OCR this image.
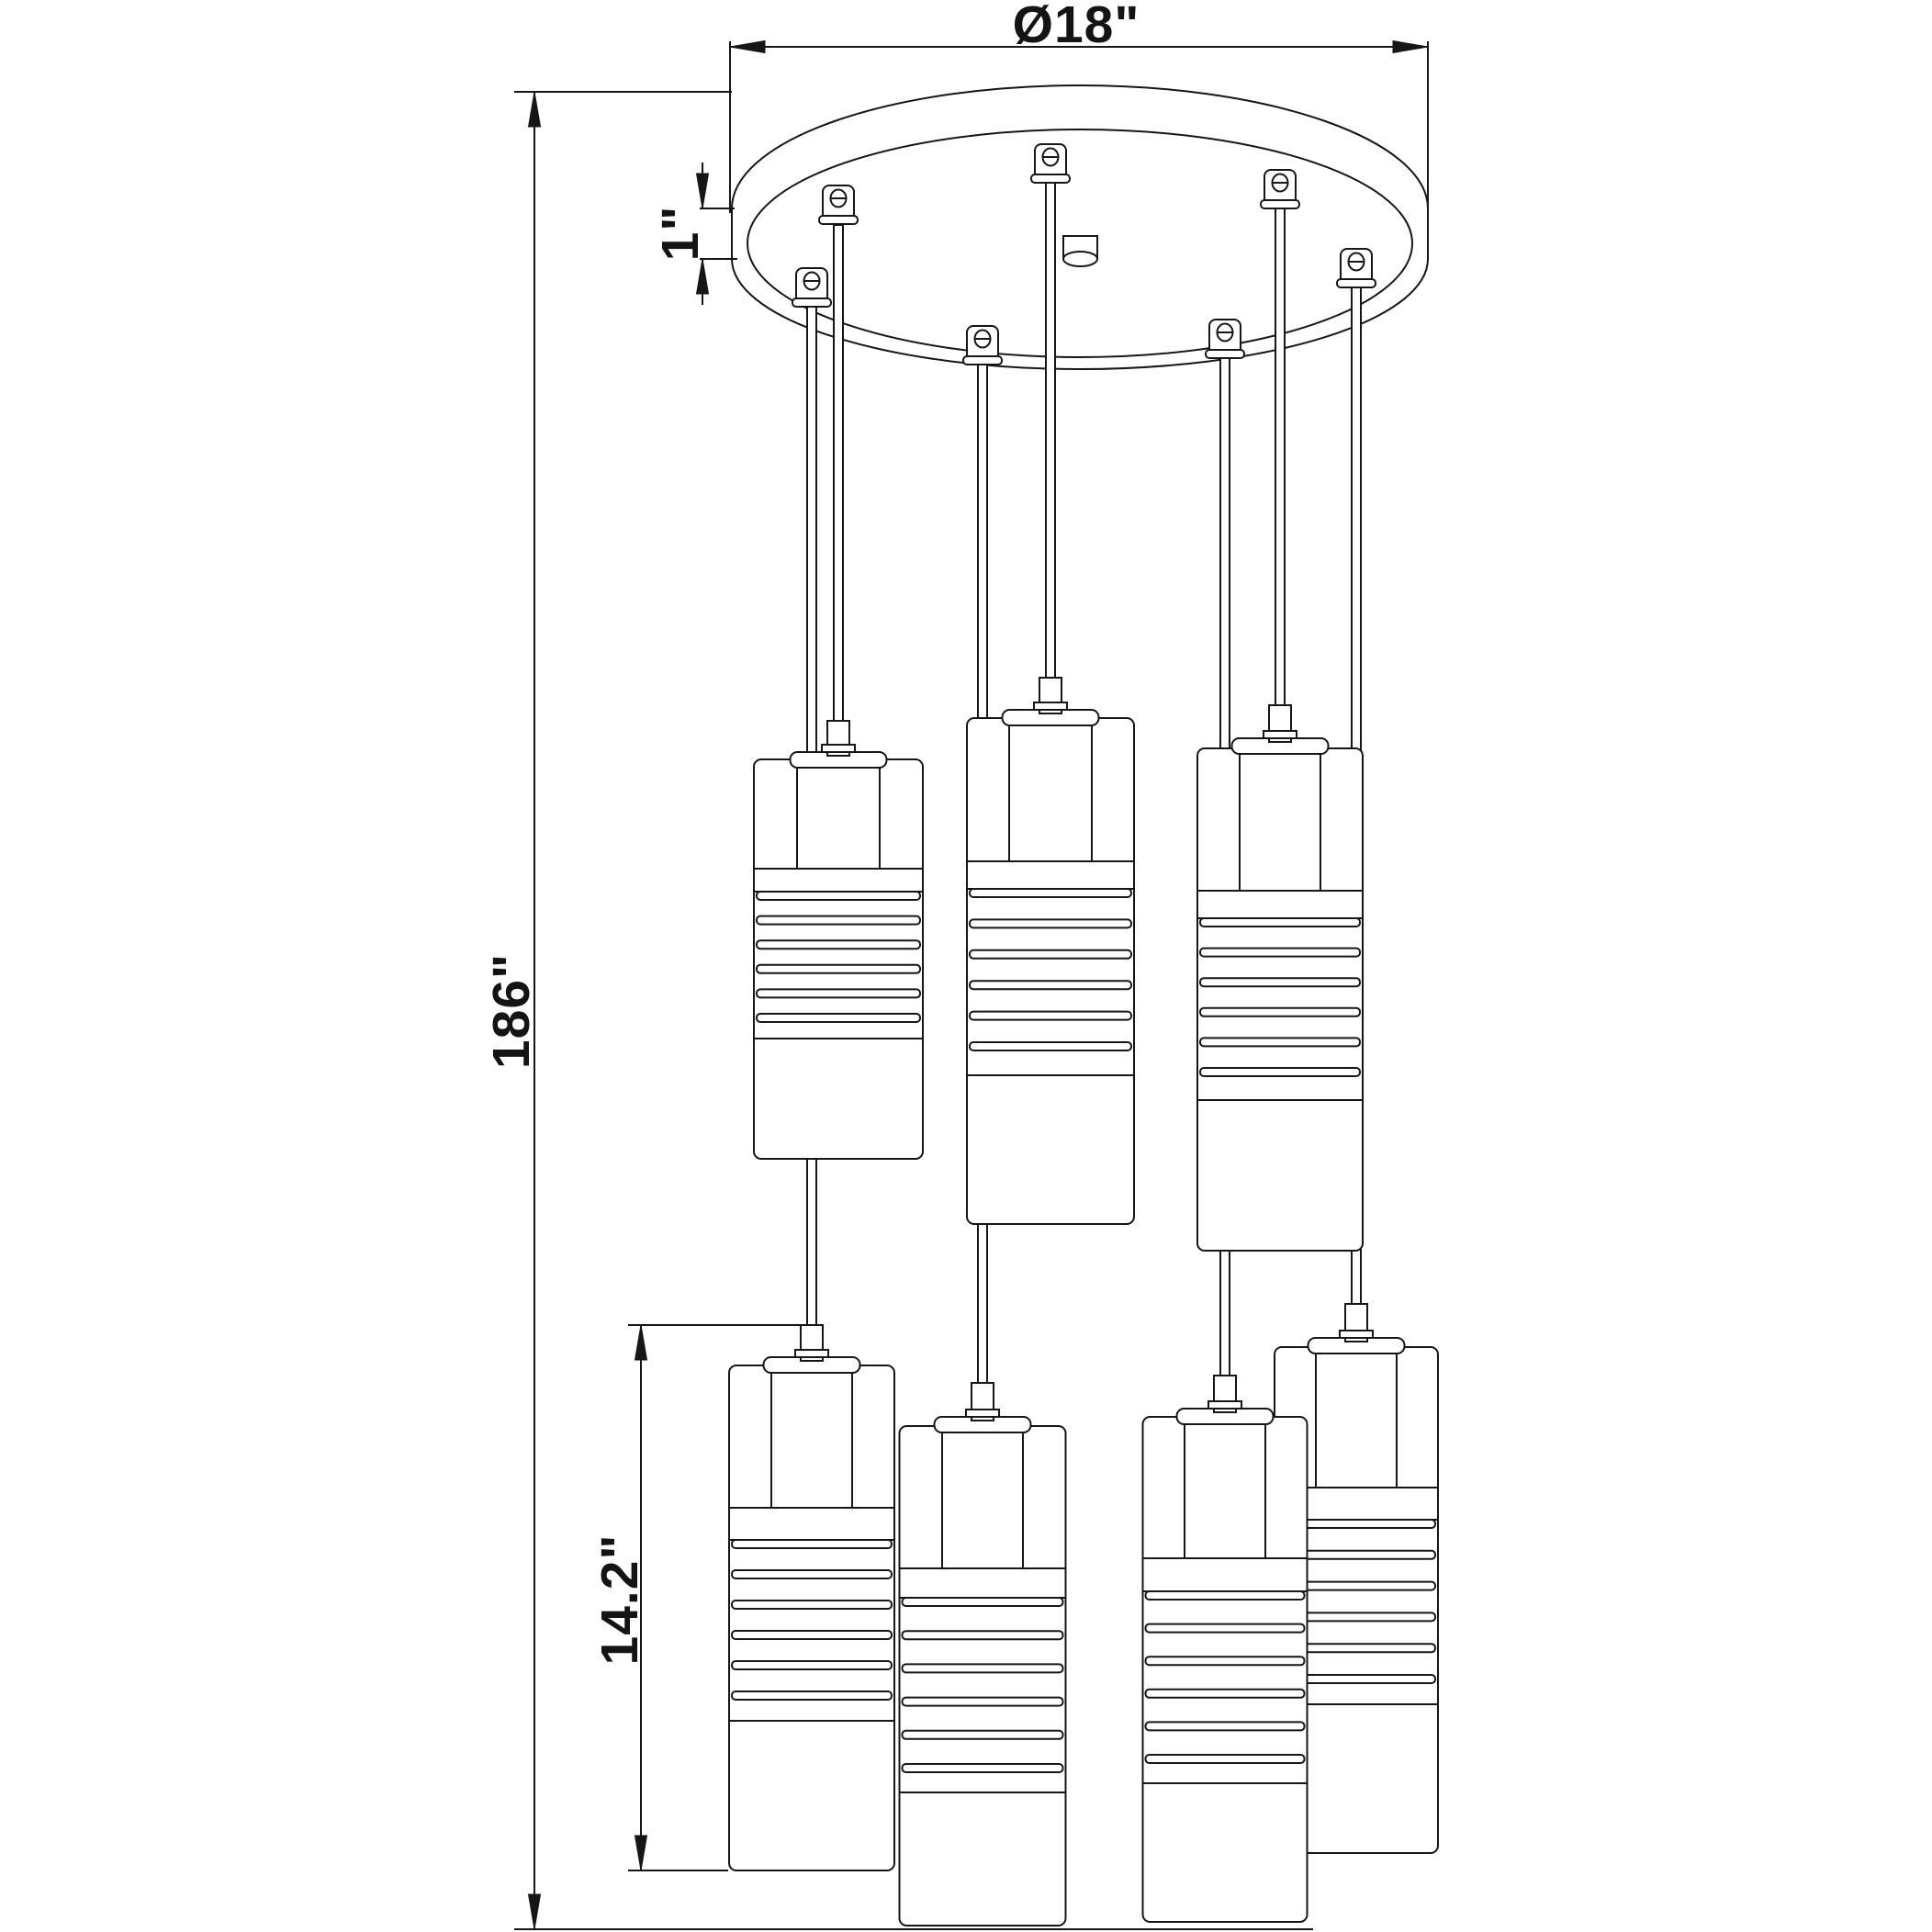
Ø18"
186"
1"
14.2"
